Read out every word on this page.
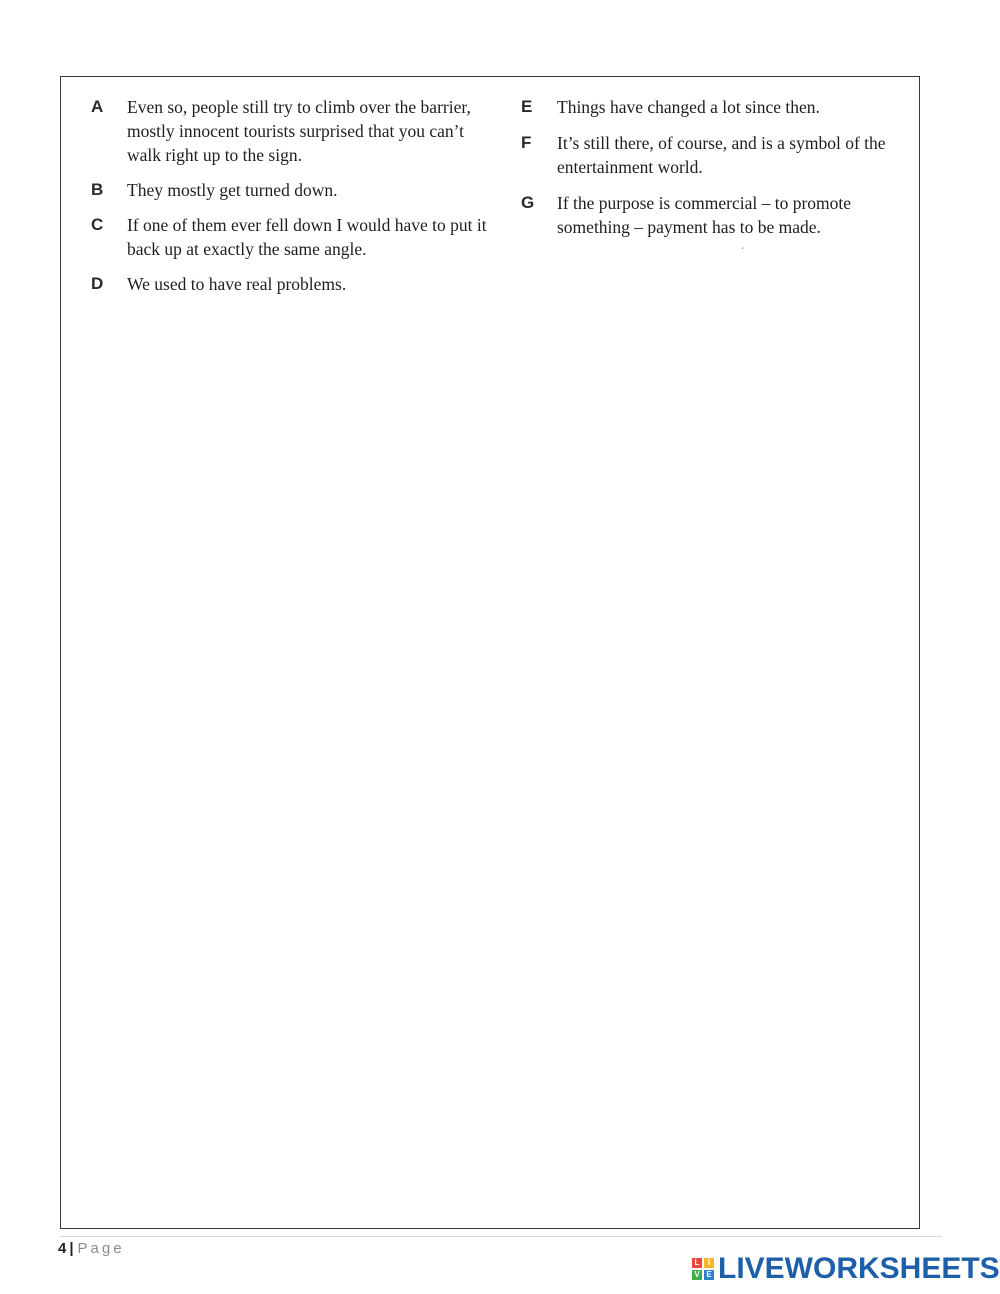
A	Even so, people still try to climb over the barrier, mostly innocent tourists surprised that you can’t walk right up to the sign.
B	They mostly get turned down.
C	If one of them ever fell down I would have to put it back up at exactly the same angle.
D	We used to have real problems.
E	Things have changed a lot since then.
F	It’s still there, of course, and is a symbol of the entertainment world.
G	If the purpose is commercial – to promote something – payment has to be made.
´
4 | Page
L	I
V E LIVEWORKSHEETS
